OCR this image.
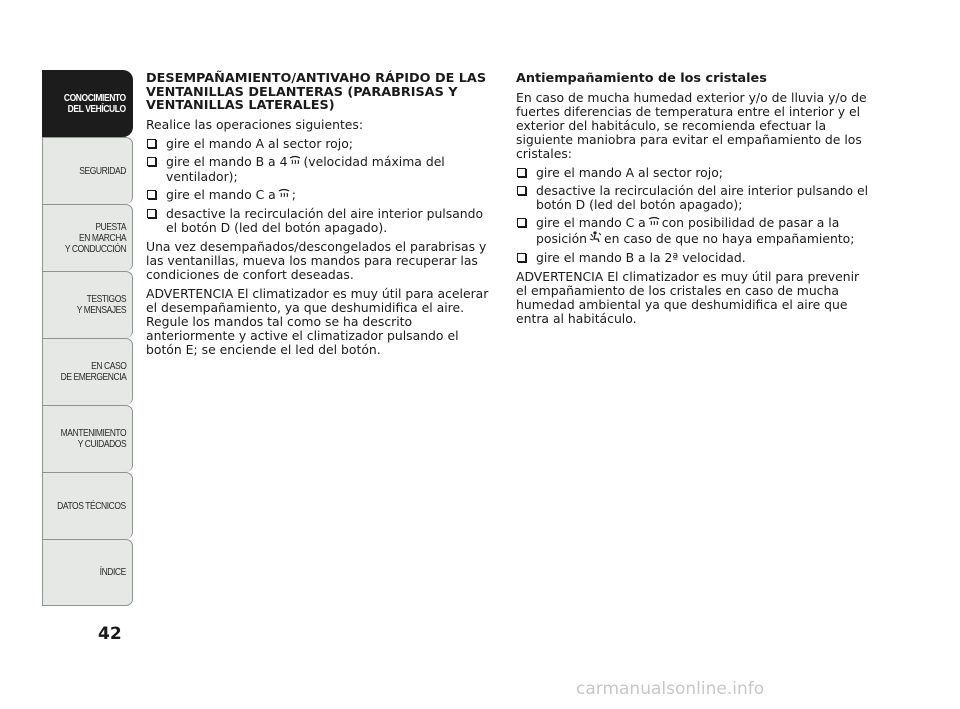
CONOCIMIENTO
DEL VEHÍCULO
SEGURIDAD
PUESTA
EN MARCHA
Y CONDUCCIÓN
TESTIGOS
Y MENSAJES
EN CASO
DE EMERGENCIA
MANTENIMIENTO
Y CUIDADOS
DATOS TÉCNICOS
ÍNDICE
42
DESEMPAÑAMIENTO/ANTIVAHO RÁPIDO DE LAS VENTANILLAS DELANTERAS (PARABRISAS Y VENTANILLAS LATERALES)

Realice las operaciones siguientes:

gire el mando A al sector rojo;
gire el mando B a 4 (velocidad máxima del ventilador);
gire el mando C a ;
desactive la recirculación del aire interior pulsando el botón D (led del botón apagado).

Una vez desempañados/descongelados el parabrisas y las ventanillas, mueva los mandos para recuperar las condiciones de confort deseadas.

ADVERTENCIA El climatizador es muy útil para acelerar el desempañamiento, ya que deshumidifica el aire. Regule los mandos tal como se ha descrito anteriormente y active el climatizador pulsando el botón E; se enciende el led del botón.

Antiempañamiento de los cristales

En caso de mucha humedad exterior y/o de lluvia y/o de fuertes diferencias de temperatura entre el interior y el exterior del habitáculo, se recomienda efectuar la siguiente maniobra para evitar el empañamiento de los cristales:

gire el mando A al sector rojo;
desactive la recirculación del aire interior pulsando el botón D (led del botón apagado);
gire el mando C a con posibilidad de pasar a la posición en caso de que no haya empañamiento;
gire el mando B a la 2ª velocidad.

ADVERTENCIA El climatizador es muy útil para prevenir el empañamiento de los cristales en caso de mucha humedad ambiental ya que deshumidifica el aire que entra al habitáculo.

carmanualsonline.info
